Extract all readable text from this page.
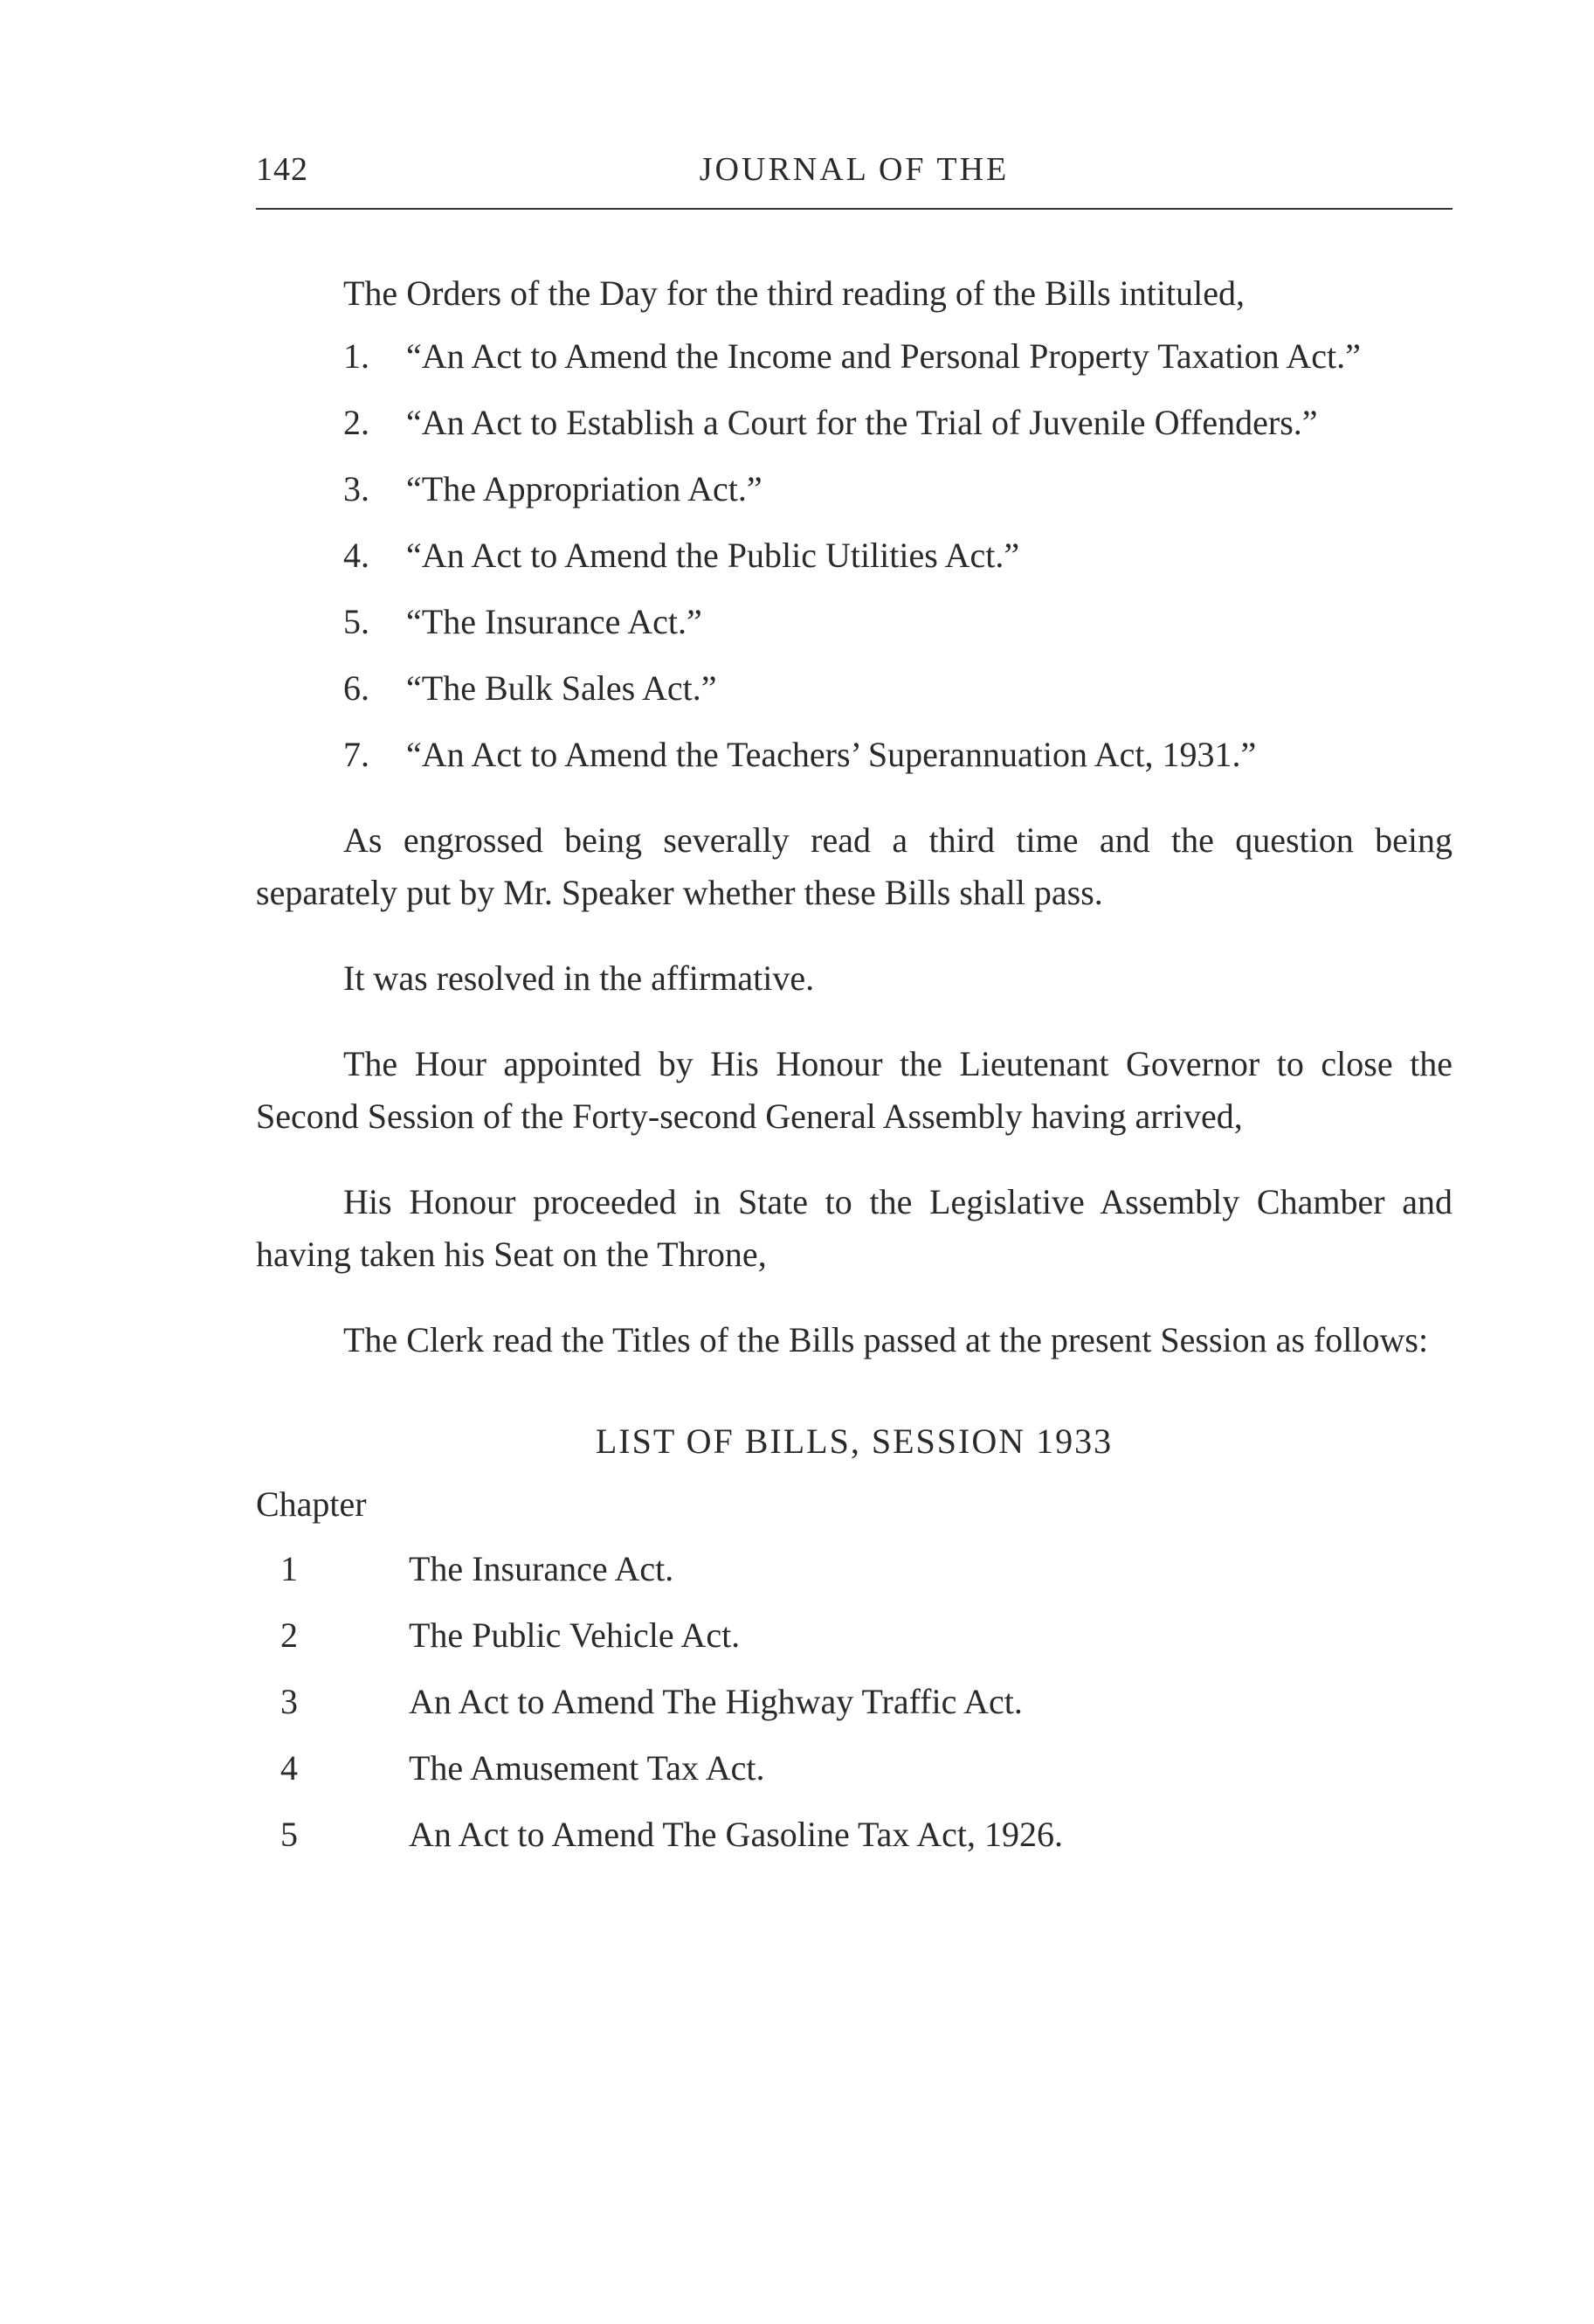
142	JOURNAL OF THE

The Orders of the Day for the third reading of the Bills intituled,

1. “An Act to Amend the Income and Personal Property Taxation Act.”
2. “An Act to Establish a Court for the Trial of Juvenile Offenders.”
3. “The Appropriation Act.”
4. “An Act to Amend the Public Utilities Act.”
5. “The Insurance Act.”
6. “The Bulk Sales Act.”
7. “An Act to Amend the Teachers’ Superannuation Act, 1931.”

As engrossed being severally read a third time and the question being separately put by Mr. Speaker whether these Bills shall pass.

It was resolved in the affirmative.

The Hour appointed by His Honour the Lieutenant Governor to close the Second Session of the Forty-second General Assembly having arrived,

His Honour proceeded in State to the Legislative Assembly Chamber and having taken his Seat on the Throne,

The Clerk read the Titles of the Bills passed at the present Session as follows:

LIST OF BILLS, SESSION 1933
Chapter
1	The Insurance Act.
2	The Public Vehicle Act.
3	An Act to Amend The Highway Traffic Act.
4	The Amusement Tax Act.
5	An Act to Amend The Gasoline Tax Act, 1926.
